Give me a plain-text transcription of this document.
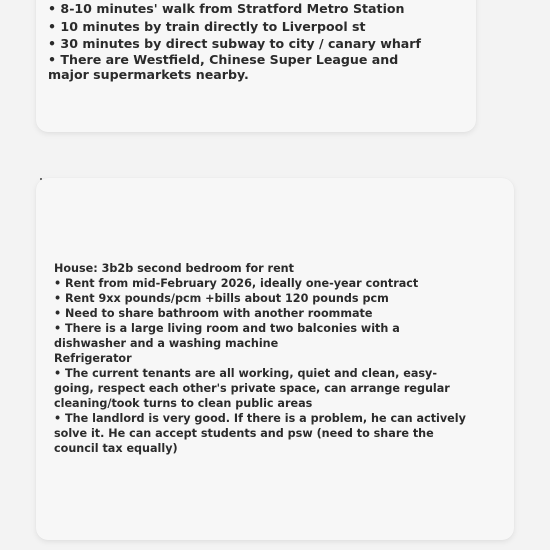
• 8-10 minutes' walk from Stratford Metro Station
• 10 minutes by train directly to Liverpool st
• 30 minutes by direct subway to city / canary wharf
• There are Westfield, Chinese Super League and
major supermarkets nearby.
House: 3b2b second bedroom for rent
• Rent from mid-February 2026, ideally one-year contract
• Rent 9xx pounds/pcm +bills about 120 pounds pcm
• Need to share bathroom with another roommate
• There is a large living room and two balconies with a
dishwasher and a washing machine
Refrigerator
• The current tenants are all working, quiet and clean, easy-
going, respect each other's private space, can arrange regular
cleaning/took turns to clean public areas
• The landlord is very good. If there is a problem, he can actively
solve it. He can accept students and psw (need to share the
council tax equally)
